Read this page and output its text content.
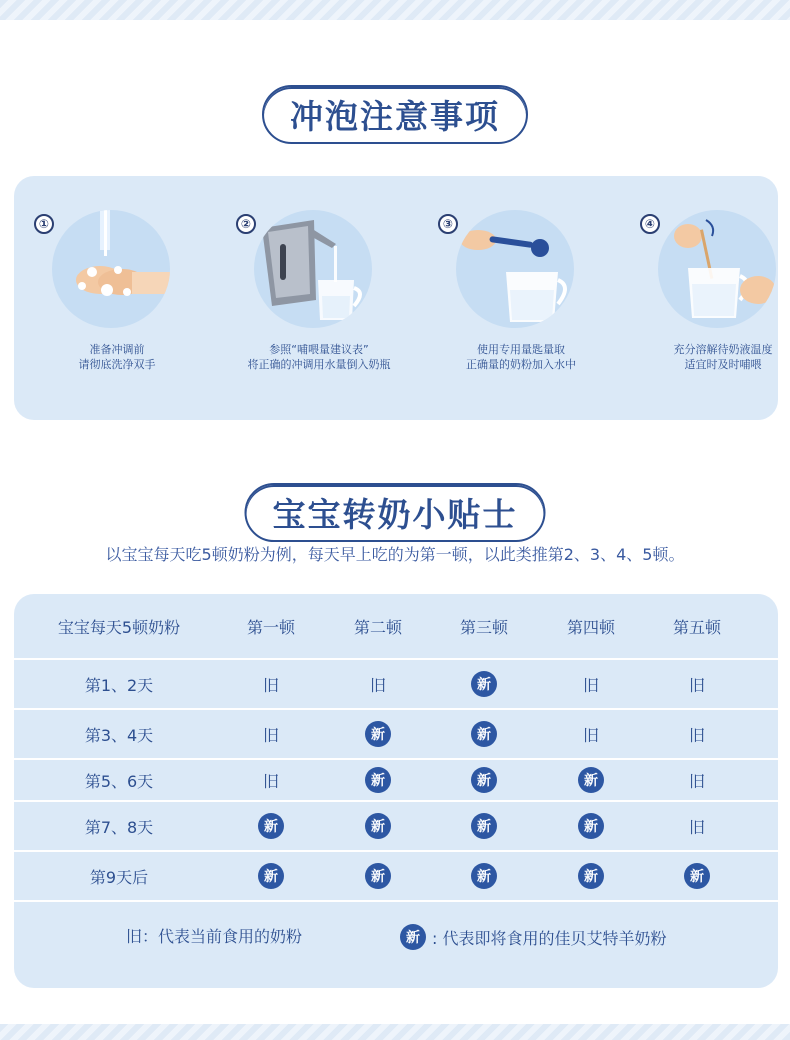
冲泡注意事项
①
准备冲调前
请彻底洗净双手
②
参照“哺喂量建议表”
将正确的冲调用水量倒入奶瓶
③
使用专用量匙量取
正确量的奶粉加入水中
④
充分溶解待奶液温度
适宜时及时哺喂
宝宝转奶小贴士
以宝宝每天吃5顿奶粉为例，每天早上吃的为第一顿，以此类推第2、3、4、5顿。
宝宝每天5顿奶粉	第一顿	第二顿	第三顿	第四顿	第五顿
第1、2天	旧	旧	新	旧	旧
第3、4天	旧	新	新	旧	旧
第5、6天	旧	新	新	新	旧
第7、8天	新	新	新	新	旧
第9天后	新	新	新	新	新
旧：代表当前食用的奶粉	新 : 代表即将食用的佳贝艾特羊奶粉
